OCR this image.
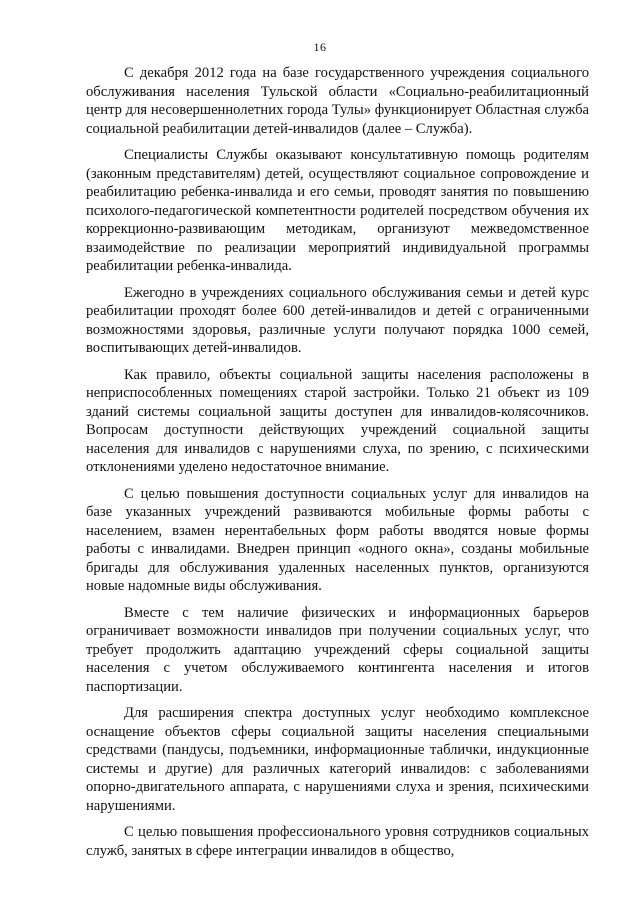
16

С декабря 2012 года на базе государственного учреждения социального обслуживания населения Тульской области «Социально-реабилитационный центр для несовершеннолетних города Тулы» функционирует Областная служба социальной реабилитации детей-инвалидов (далее – Служба).

Специалисты Службы оказывают консультативную помощь родителям (законным представителям) детей, осуществляют социальное сопровождение и реабилитацию ребенка-инвалида и его семьи, проводят занятия по повышению психолого-педагогической компетентности родителей посредством обучения их коррекционно-развивающим методикам, организуют межведомственное взаимодействие по реализации мероприятий индивидуальной программы реабилитации ребенка-инвалида.

Ежегодно в учреждениях социального обслуживания семьи и детей курс реабилитации проходят более 600 детей-инвалидов и детей с ограниченными возможностями здоровья, различные услуги получают порядка 1000 семей, воспитывающих детей-инвалидов.

Как правило, объекты социальной защиты населения расположены в неприспособленных помещениях старой застройки. Только 21 объект из 109 зданий системы социальной защиты доступен для инвалидов-колясочников. Вопросам доступности действующих учреждений социальной защиты населения для инвалидов с нарушениями слуха, по зрению, с психическими отклонениями уделено недостаточное внимание.

С целью повышения доступности социальных услуг для инвалидов на базе указанных учреждений развиваются мобильные формы работы с населением, взамен нерентабельных форм работы вводятся новые формы работы с инвалидами. Внедрен принцип «одного окна», созданы мобильные бригады для обслуживания удаленных населенных пунктов, организуются новые надомные виды обслуживания.

Вместе с тем наличие физических и информационных барьеров ограничивает возможности инвалидов при получении социальных услуг, что требует продолжить адаптацию учреждений сферы социальной защиты населения с учетом обслуживаемого контингента населения и итогов паспортизации.

Для расширения спектра доступных услуг необходимо комплексное оснащение объектов сферы социальной защиты населения специальными средствами (пандусы, подъемники, информационные таблички, индукционные системы и другие) для различных категорий инвалидов: с заболеваниями опорно-двигательного аппарата, с нарушениями слуха и зрения, психическими нарушениями.

С целью повышения профессионального уровня сотрудников социальных служб, занятых в сфере интеграции инвалидов в общество,
